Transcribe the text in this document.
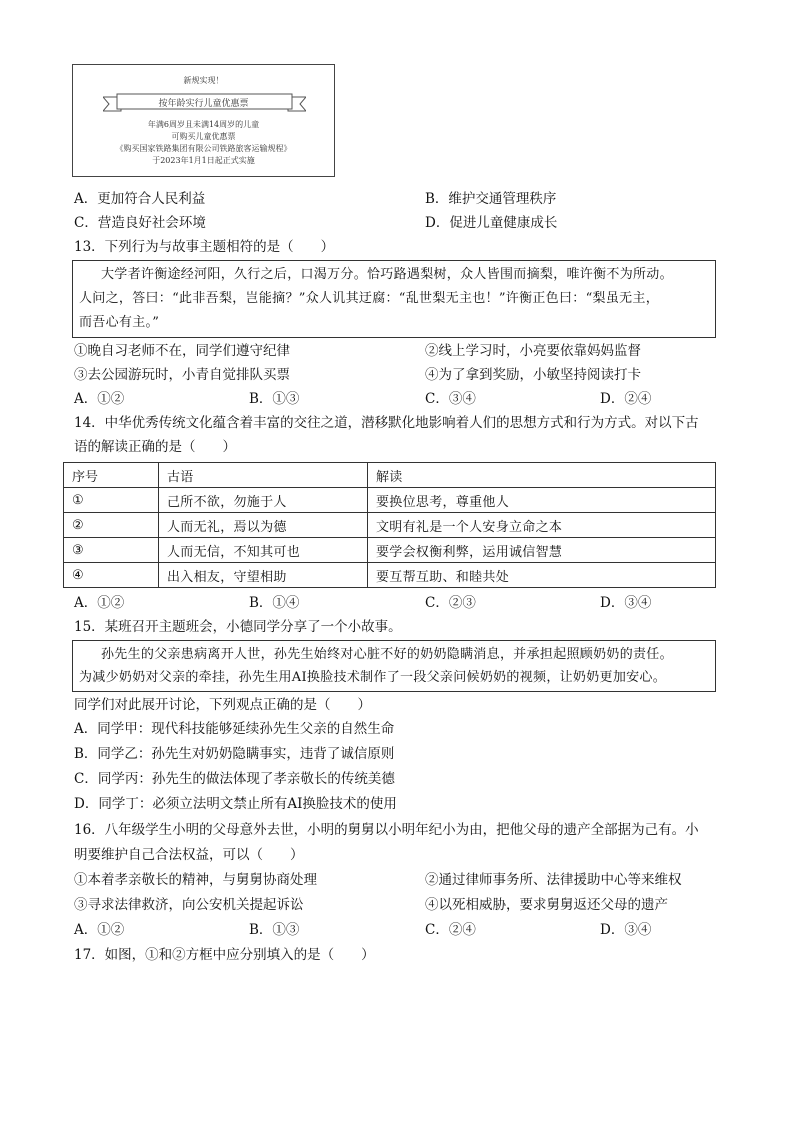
新规实现！
按年龄实行儿童优惠票
年满6周岁且未满14周岁的儿童
可购买儿童优惠票
《购买国家铁路集团有限公司铁路旅客运输规程》
于2023年1月1日起正式实施
A．更加符合人民利益	B．维护交通管理秩序
C．营造良好社会环境	D．促进儿童健康成长
13．下列行为与故事主题相符的是（　　）
大学者许衡途经河阳，久行之后，口渴万分。恰巧路遇梨树，众人皆围而摘梨，唯许衡不为所动。
人问之，答曰：“此非吾梨，岂能摘？”众人讥其迂腐：“乱世梨无主也！”许衡正色曰：“梨虽无主，
而吾心有主。”
①晚自习老师不在，同学们遵守纪律	②线上学习时，小亮要依靠妈妈监督
③去公园游玩时，小青自觉排队买票	④为了拿到奖励，小敏坚持阅读打卡
A．①②	B．①③	C．③④	D．②④
14．中华优秀传统文化蕴含着丰富的交往之道，潜移默化地影响着人们的思想方式和行为方式。对以下古
语的解读正确的是（　　）
序号	古语	解读
①	己所不欲，勿施于人	要换位思考，尊重他人
②	人而无礼，焉以为德	文明有礼是一个人安身立命之本
③	人而无信，不知其可也	要学会权衡利弊，运用诚信智慧
④	出入相友，守望相助	要互帮互助、和睦共处
A．①②	B．①④	C．②③	D．③④
15．某班召开主题班会，小德同学分享了一个小故事。
孙先生的父亲患病离开人世，孙先生始终对心脏不好的奶奶隐瞒消息，并承担起照顾奶奶的责任。
为减少奶奶对父亲的牵挂，孙先生用AI换脸技术制作了一段父亲问候奶奶的视频，让奶奶更加安心。
同学们对此展开讨论，下列观点正确的是（　　）
A．同学甲：现代科技能够延续孙先生父亲的自然生命
B．同学乙：孙先生对奶奶隐瞒事实，违背了诚信原则
C．同学丙：孙先生的做法体现了孝亲敬长的传统美德
D．同学丁：必须立法明文禁止所有AI换脸技术的使用
16．八年级学生小明的父母意外去世，小明的舅舅以小明年纪小为由，把他父母的遗产全部据为己有。小
明要维护自己合法权益，可以（　　）
①本着孝亲敬长的精神，与舅舅协商处理	②通过律师事务所、法律援助中心等来维权
③寻求法律救济，向公安机关提起诉讼	④以死相威胁，要求舅舅返还父母的遗产
A．①②	B．①③	C．②④	D．③④
17．如图，①和②方框中应分别填入的是（　　）
